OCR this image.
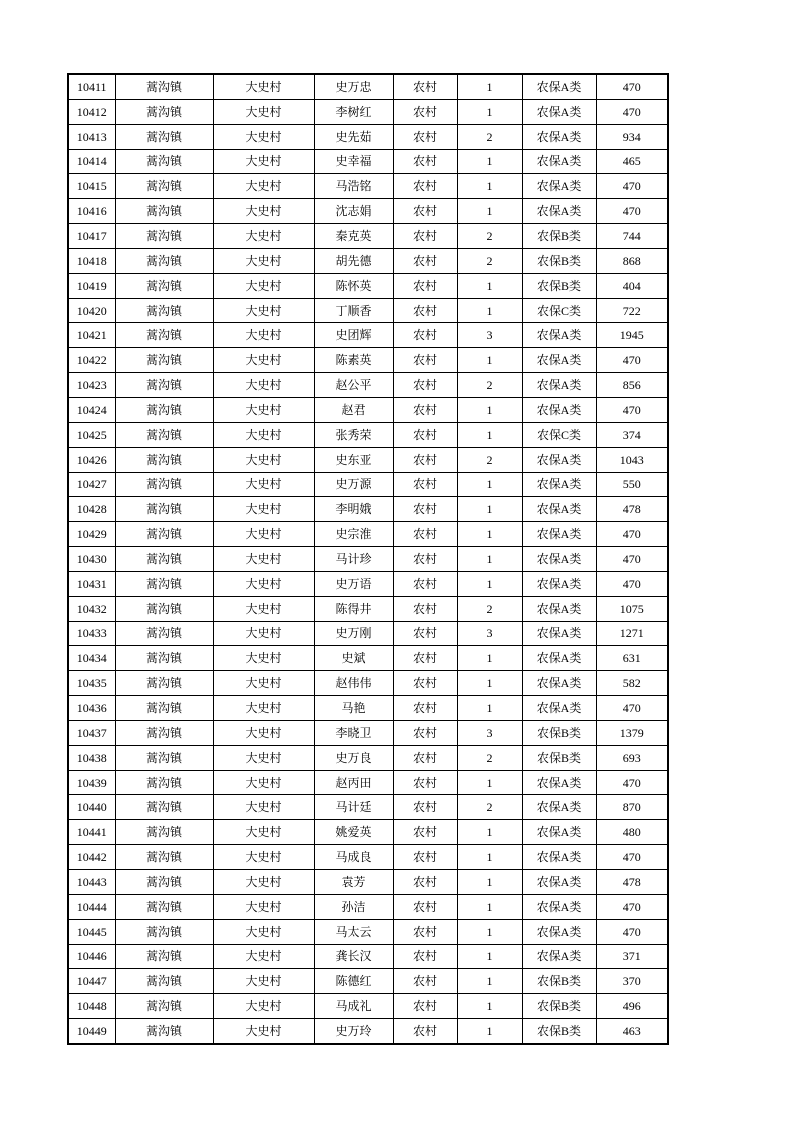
10411	蒿沟镇	大史村	史万忠	农村	1	农保A类	470
10412	蒿沟镇	大史村	李树红	农村	1	农保A类	470
10413	蒿沟镇	大史村	史先茹	农村	2	农保A类	934
10414	蒿沟镇	大史村	史幸福	农村	1	农保A类	465
10415	蒿沟镇	大史村	马浩铭	农村	1	农保A类	470
10416	蒿沟镇	大史村	沈志娟	农村	1	农保A类	470
10417	蒿沟镇	大史村	秦克英	农村	2	农保B类	744
10418	蒿沟镇	大史村	胡先德	农村	2	农保B类	868
10419	蒿沟镇	大史村	陈怀英	农村	1	农保B类	404
10420	蒿沟镇	大史村	丁顺香	农村	1	农保C类	722
10421	蒿沟镇	大史村	史团辉	农村	3	农保A类	1945
10422	蒿沟镇	大史村	陈素英	农村	1	农保A类	470
10423	蒿沟镇	大史村	赵公平	农村	2	农保A类	856
10424	蒿沟镇	大史村	赵君	农村	1	农保A类	470
10425	蒿沟镇	大史村	张秀荣	农村	1	农保C类	374
10426	蒿沟镇	大史村	史东亚	农村	2	农保A类	1043
10427	蒿沟镇	大史村	史万源	农村	1	农保A类	550
10428	蒿沟镇	大史村	李明娥	农村	1	农保A类	478
10429	蒿沟镇	大史村	史宗淮	农村	1	农保A类	470
10430	蒿沟镇	大史村	马计珍	农村	1	农保A类	470
10431	蒿沟镇	大史村	史万语	农村	1	农保A类	470
10432	蒿沟镇	大史村	陈得井	农村	2	农保A类	1075
10433	蒿沟镇	大史村	史万刚	农村	3	农保A类	1271
10434	蒿沟镇	大史村	史斌	农村	1	农保A类	631
10435	蒿沟镇	大史村	赵伟伟	农村	1	农保A类	582
10436	蒿沟镇	大史村	马艳	农村	1	农保A类	470
10437	蒿沟镇	大史村	李晓卫	农村	3	农保B类	1379
10438	蒿沟镇	大史村	史万良	农村	2	农保B类	693
10439	蒿沟镇	大史村	赵丙田	农村	1	农保A类	470
10440	蒿沟镇	大史村	马计廷	农村	2	农保A类	870
10441	蒿沟镇	大史村	姚爱英	农村	1	农保A类	480
10442	蒿沟镇	大史村	马成良	农村	1	农保A类	470
10443	蒿沟镇	大史村	袁芳	农村	1	农保A类	478
10444	蒿沟镇	大史村	孙洁	农村	1	农保A类	470
10445	蒿沟镇	大史村	马太云	农村	1	农保A类	470
10446	蒿沟镇	大史村	龚长汉	农村	1	农保A类	371
10447	蒿沟镇	大史村	陈德红	农村	1	农保B类	370
10448	蒿沟镇	大史村	马成礼	农村	1	农保B类	496
10449	蒿沟镇	大史村	史万玲	农村	1	农保B类	463
